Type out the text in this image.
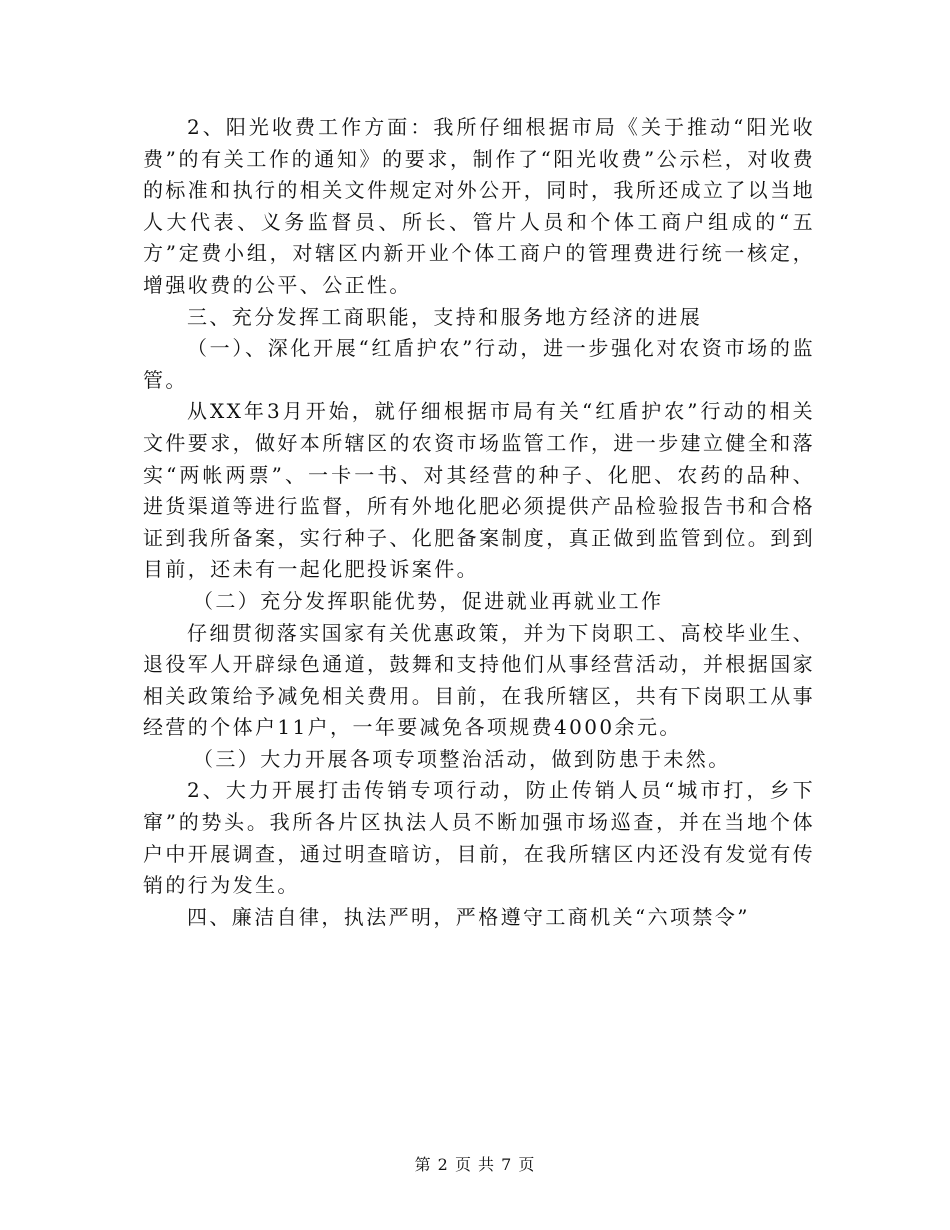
2、阳光收费工作方面：我所仔细根据市局《关于推动“阳光收费”的有关工作的通知》的要求，制作了“阳光收费”公示栏，对收费的标准和执行的相关文件规定对外公开，同时，我所还成立了以当地人大代表、义务监督员、所长、管片人员和个体工商户组成的“五方”定费小组，对辖区内新开业个体工商户的管理费进行统一核定，增强收费的公平、公正性。

三、充分发挥工商职能，支持和服务地方经济的进展

（一）、深化开展“红盾护农”行动，进一步强化对农资市场的监管。

从XX年3月开始，就仔细根据市局有关“红盾护农”行动的相关文件要求，做好本所辖区的农资市场监管工作，进一步建立健全和落实“两帐两票”、一卡一书、对其经营的种子、化肥、农药的品种、进货渠道等进行监督，所有外地化肥必须提供产品检验报告书和合格证到我所备案，实行种子、化肥备案制度，真正做到监管到位。到到目前，还未有一起化肥投诉案件。

（二）充分发挥职能优势，促进就业再就业工作

仔细贯彻落实国家有关优惠政策，并为下岗职工、高校毕业生、退役军人开辟绿色通道，鼓舞和支持他们从事经营活动，并根据国家相关政策给予减免相关费用。目前，在我所辖区，共有下岗职工从事经营的个体户11户，一年要减免各项规费4000余元。

（三）大力开展各项专项整治活动，做到防患于未然。

2、大力开展打击传销专项行动，防止传销人员“城市打，乡下窜”的势头。我所各片区执法人员不断加强市场巡查，并在当地个体户中开展调查，通过明查暗访，目前，在我所辖区内还没有发觉有传销的行为发生。

四、廉洁自律，执法严明，严格遵守工商机关“六项禁令”

第 2 页 共 7 页
